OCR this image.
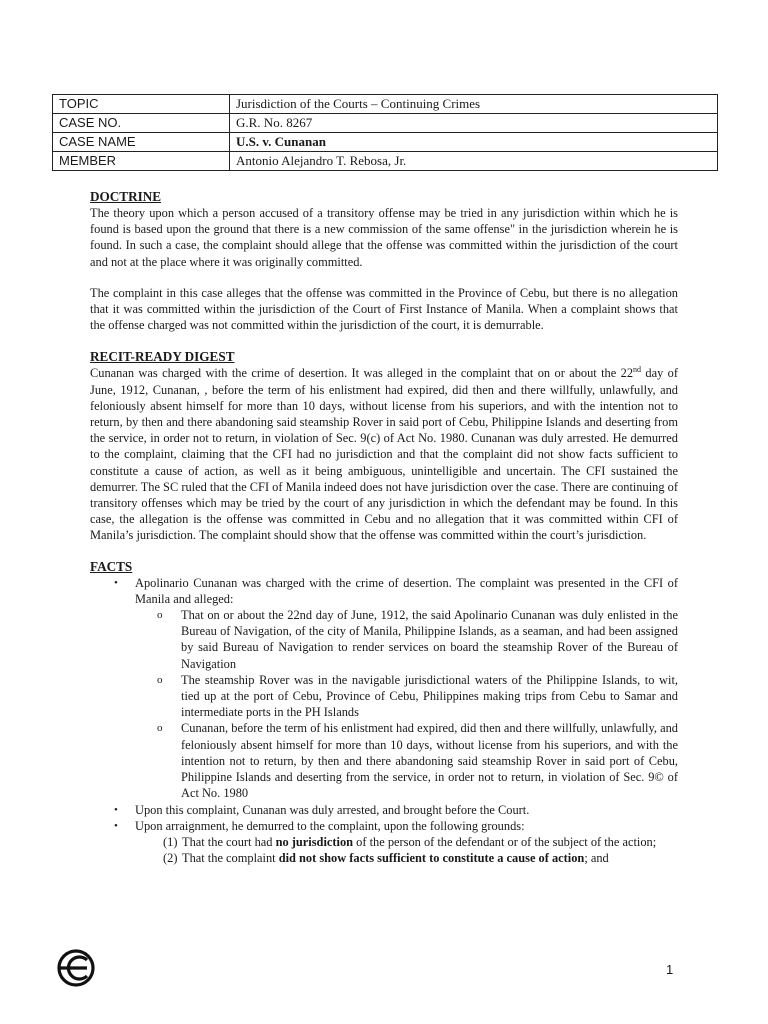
TOPIC	Jurisdiction of the Courts – Continuing Crimes
CASE NO.	G.R. No. 8267
CASE NAME	U.S. v. Cunanan
MEMBER	Antonio Alejandro T. Rebosa, Jr.

DOCTRINE

The theory upon which a person accused of a transitory offense may be tried in any jurisdiction within which he is found is based upon the ground that there is a new commission of the same offense" in the jurisdiction wherein he is found. In such a case, the complaint should allege that the offense was committed within the jurisdiction of the court and not at the place where it was originally committed.

The complaint in this case alleges that the offense was committed in the Province of Cebu, but there is no allegation that it was committed within the jurisdiction of the Court of First Instance of Manila. When a complaint shows that the offense charged was not committed within the jurisdiction of the court, it is demurrable.

RECIT-READY DIGEST

Cunanan was charged with the crime of desertion. It was alleged in the complaint that on or about the 22nd day of June, 1912, Cunanan, , before the term of his enlistment had expired, did then and there willfully, unlawfully, and feloniously absent himself for more than 10 days, without license from his superiors, and with the intention not to return, by then and there abandoning said steamship Rover in said port of Cebu, Philippine Islands and deserting from the service, in order not to return, in violation of Sec. 9(c) of Act No. 1980. Cunanan was duly arrested. He demurred to the complaint, claiming that the CFI had no jurisdiction and that the complaint did not show facts sufficient to constitute a cause of action, as well as it being ambiguous, unintelligible and uncertain. The CFI sustained the demurrer. The SC ruled that the CFI of Manila indeed does not have jurisdiction over the case. There are continuing of transitory offenses which may be tried by the court of any jurisdiction in which the defendant may be found. In this case, the allegation is the offense was committed in Cebu and no allegation that it was committed within CFI of Manila’s jurisdiction. The complaint should show that the offense was committed within the court’s jurisdiction.

FACTS

• Apolinario Cunanan was charged with the crime of desertion. The complaint was presented in the CFI of Manila and alleged:
o That on or about the 22nd day of June, 1912, the said Apolinario Cunanan was duly enlisted in the Bureau of Navigation, of the city of Manila, Philippine Islands, as a seaman, and had been assigned by said Bureau of Navigation to render services on board the steamship Rover of the Bureau of Navigation
o The steamship Rover was in the navigable jurisdictional waters of the Philippine Islands, to wit, tied up at the port of Cebu, Province of Cebu, Philippines making trips from Cebu to Samar and intermediate ports in the PH Islands
o Cunanan, before the term of his enlistment had expired, did then and there willfully, unlawfully, and feloniously absent himself for more than 10 days, without license from his superiors, and with the intention not to return, by then and there abandoning said steamship Rover in said port of Cebu, Philippine Islands and deserting from the service, in order not to return, in violation of Sec. 9© of Act No. 1980
• Upon this complaint, Cunanan was duly arrested, and brought before the Court.
• Upon arraignment, he demurred to the complaint, upon the following grounds:
(1) That the court had no jurisdiction of the person of the defendant or of the subject of the action;
(2) That the complaint did not show facts sufficient to constitute a cause of action; and
1
